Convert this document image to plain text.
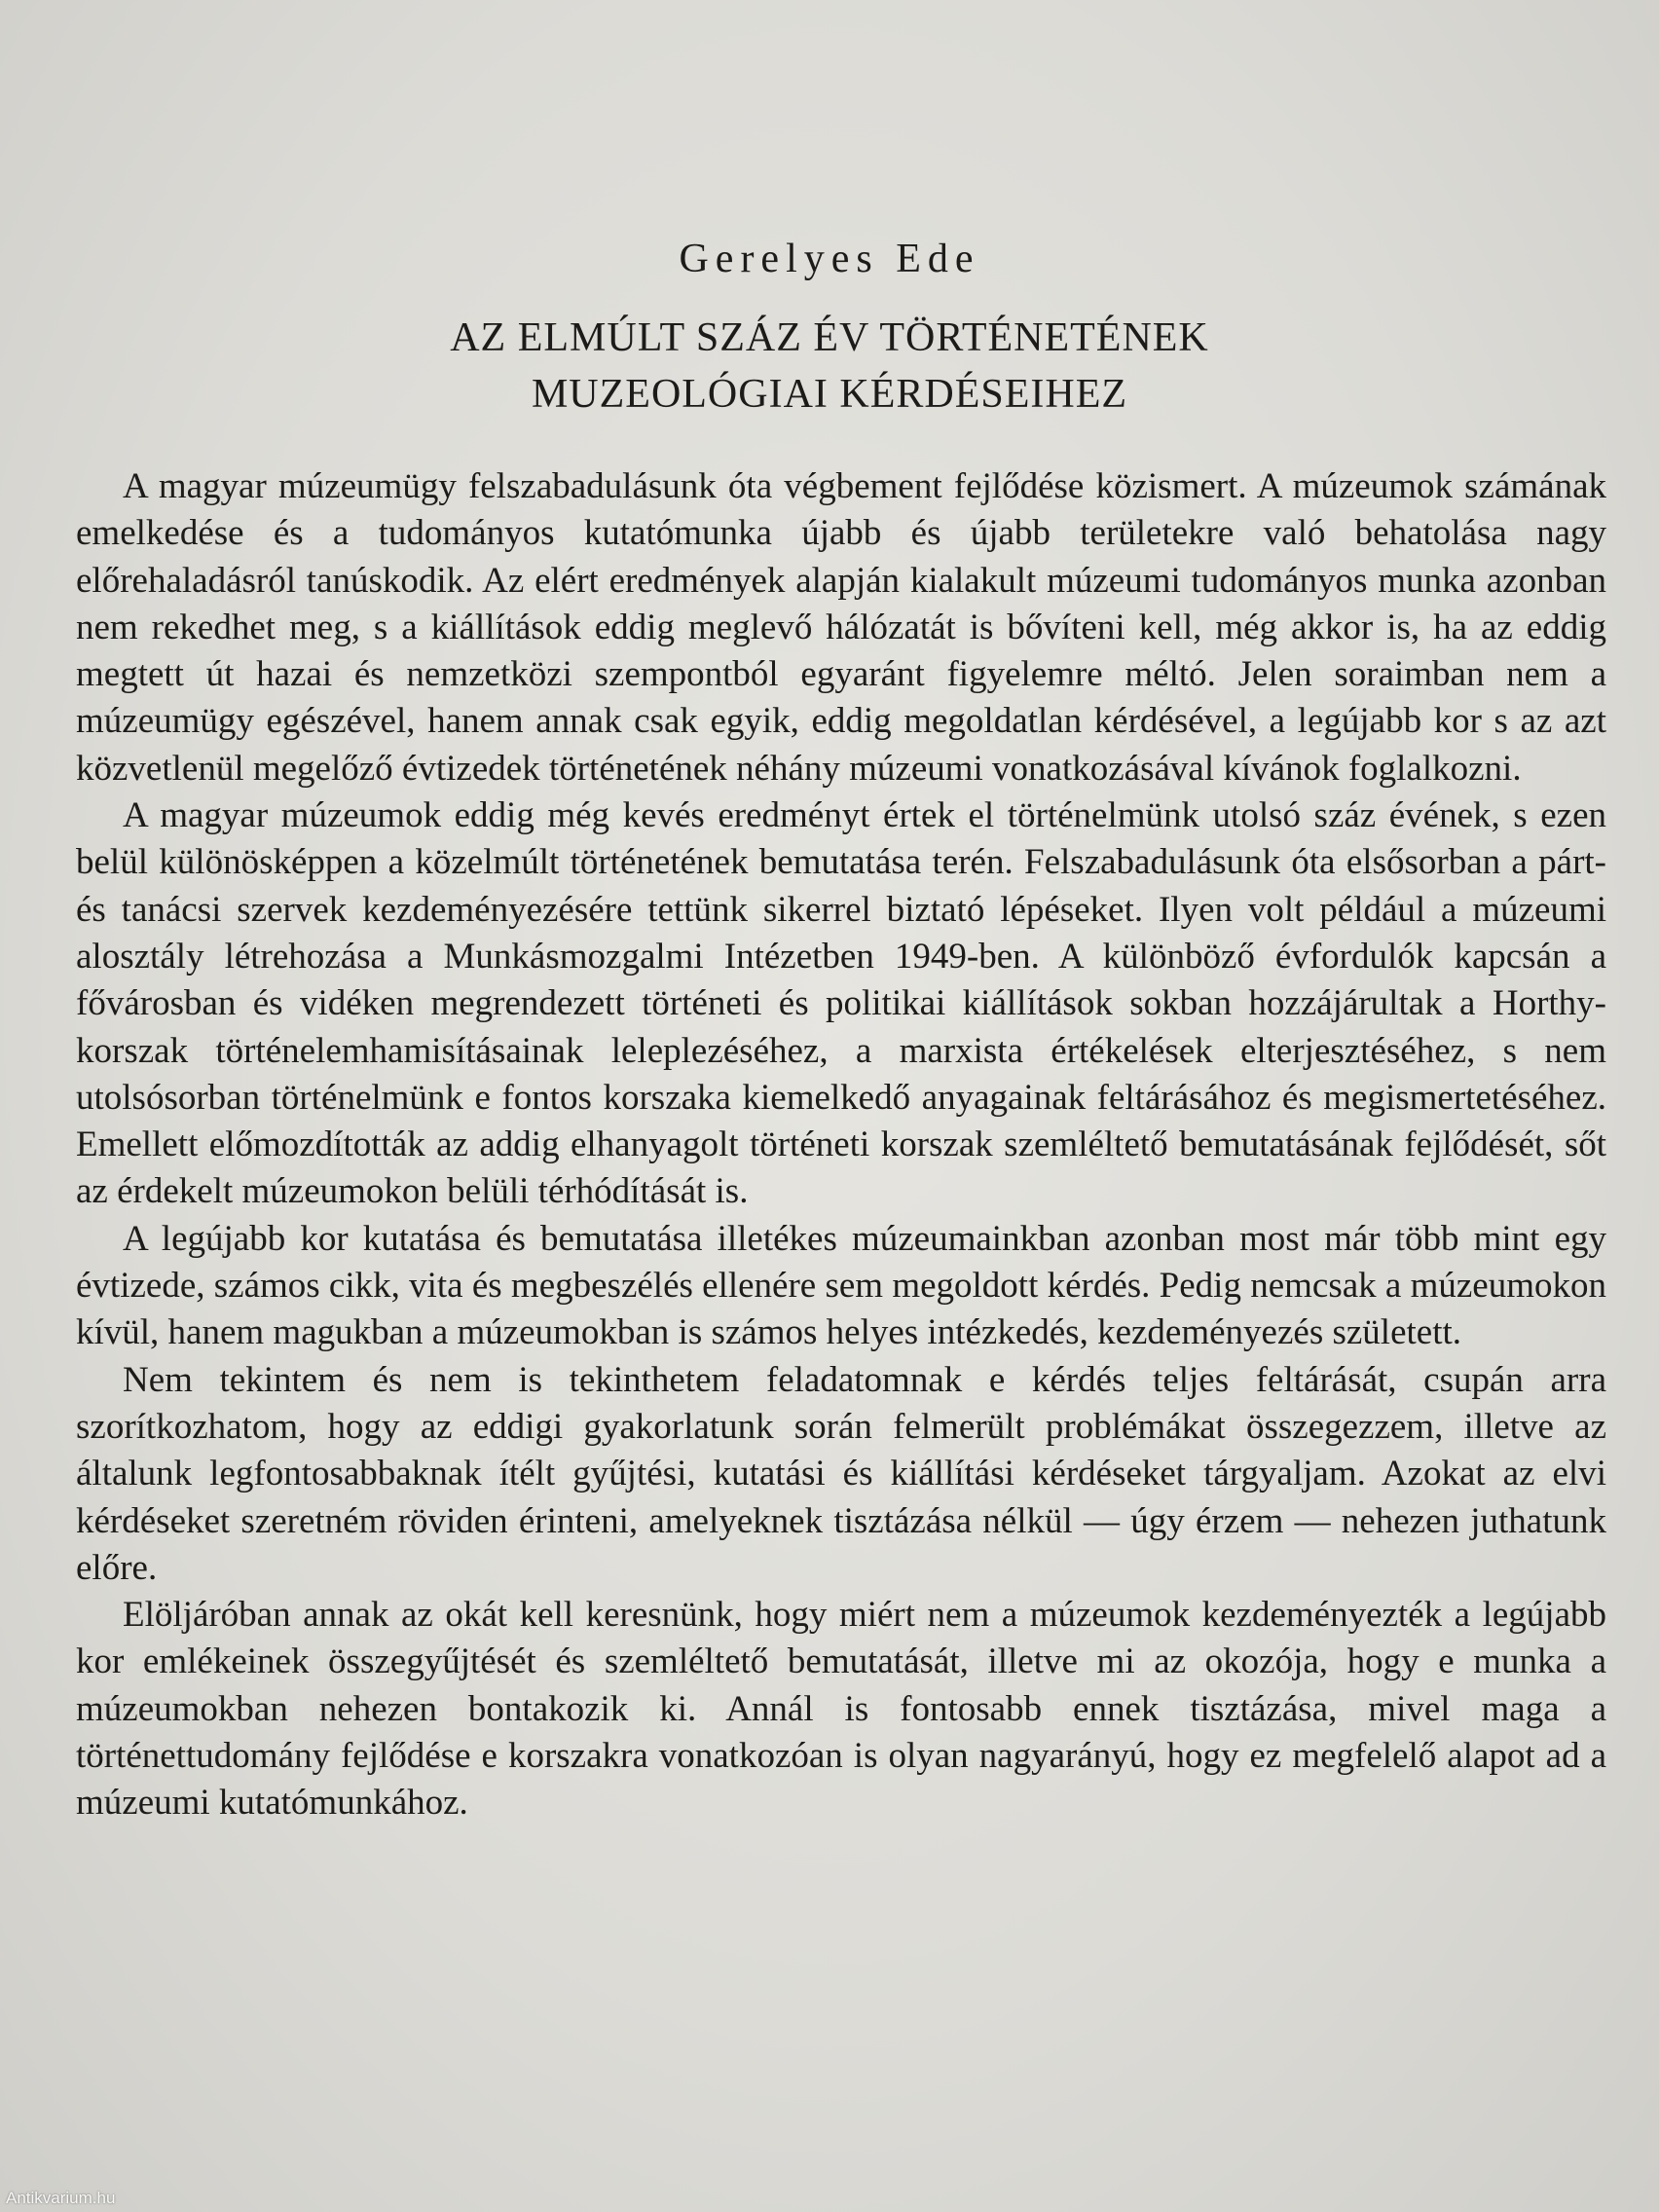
Gerelyes Ede
AZ ELMÚLT SZÁZ ÉV TÖRTÉNETÉNEK
MUZEOLÓGIAI KÉRDÉSEIHEZ

A magyar múzeumügy felszabadulásunk óta végbement fejlődése közismert. A múzeumok számának emelkedése és a tudományos kutatómunka újabb és újabb területekre való behatolása nagy előrehaladásról tanúskodik. Az elért eredmények alapján kialakult múzeumi tudományos munka azonban nem rekedhet meg, s a kiállítások eddig meglevő hálózatát is bővíteni kell, még akkor is, ha az eddig megtett út hazai és nemzetközi szempontból egyaránt figyelemre méltó. Jelen soraimban nem a múzeumügy egészével, hanem annak csak egyik, eddig megoldatlan kérdésével, a legújabb kor s az azt közvetlenül megelőző évtizedek történetének néhány múzeumi vonatkozásával kívánok foglalkozni.

A magyar múzeumok eddig még kevés eredményt értek el történelmünk utolsó száz évének, s ezen belül különösképpen a közelmúlt történetének bemutatása terén. Felszabadulásunk óta elsősorban a párt- és tanácsi szervek kezdeményezésére tettünk sikerrel biztató lépéseket. Ilyen volt például a múzeumi alosztály létrehozása a Munkásmozgalmi Intézetben 1949-ben. A különböző évfordulók kapcsán a fővárosban és vidéken megrendezett történeti és politikai kiállítások sokban hozzájárultak a Horthy-korszak történelemhamisításainak leleplezéséhez, a marxista értékelések elterjesztéséhez, s nem utolsósorban történelmünk e fontos korszaka kiemelkedő anyagainak feltárásához és megismertetéséhez. Emellett előmozdították az addig elhanyagolt történeti korszak szemléltető bemutatásának fejlődését, sőt az érdekelt múzeumokon belüli térhódítását is.

A legújabb kor kutatása és bemutatása illetékes múzeumainkban azonban most már több mint egy évtizede, számos cikk, vita és megbeszélés ellenére sem megoldott kérdés. Pedig nemcsak a múzeumokon kívül, hanem magukban a múzeumokban is számos helyes intézkedés, kezdeményezés született.

Nem tekintem és nem is tekinthetem feladatomnak e kérdés teljes feltárását, csupán arra szorítkozhatom, hogy az eddigi gyakorlatunk során felmerült problémákat összegezzem, illetve az általunk legfontosabbaknak ítélt gyűjtési, kutatási és kiállítási kérdéseket tárgyaljam. Azokat az elvi kérdéseket szeretném röviden érinteni, amelyeknek tisztázása nélkül — úgy érzem — nehezen juthatunk előre.

Elöljáróban annak az okát kell keresnünk, hogy miért nem a múzeumok kezdeményezték a legújabb kor emlékeinek összegyűjtését és szemléltető bemutatását, illetve mi az okozója, hogy e munka a múzeumokban nehezen bontakozik ki. Annál is fontosabb ennek tisztázása, mivel maga a történettudomány fejlődése e korszakra vonatkozóan is olyan nagyarányú, hogy ez megfelelő alapot ad a múzeumi kutatómunkához.

Antikvarium.hu
